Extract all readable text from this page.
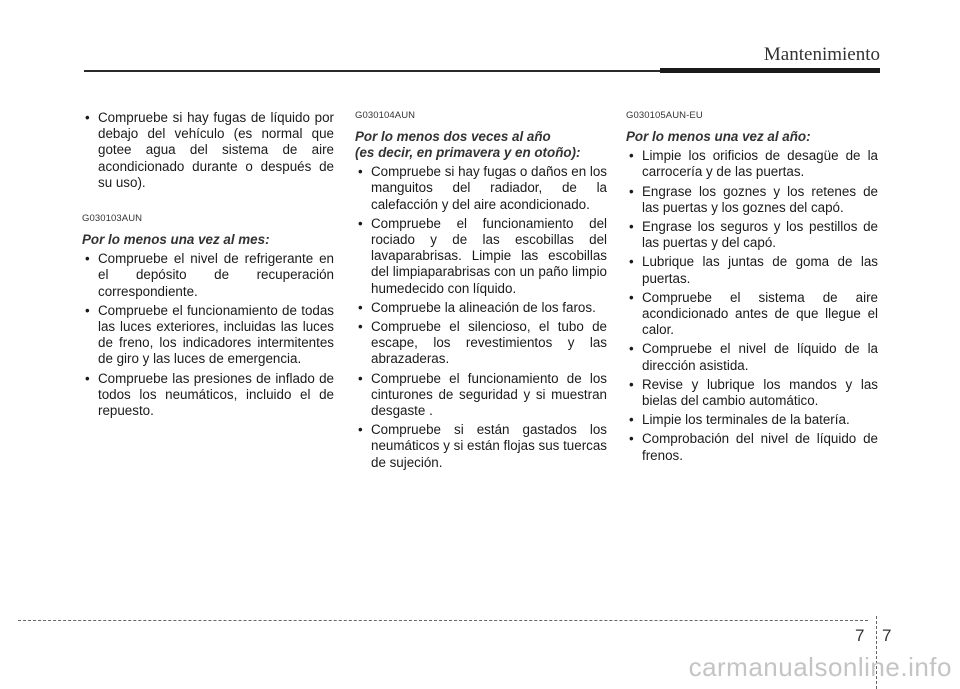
Mantenimiento
• Compruebe si hay fugas de líquido por debajo del vehículo (es normal que gotee agua del sistema de aire acondicionado durante o después de su uso).
G030103AUN
Por lo menos una vez al mes:
• Compruebe el nivel de refrigerante en el depósito de recuperación correspondiente.
• Compruebe el funcionamiento de todas las luces exteriores, incluidas las luces de freno, los indicadores intermitentes de giro y las luces de emergencia.
• Compruebe las presiones de inflado de todos los neumáticos, incluido el de repuesto.
G030104AUN
Por lo menos dos veces al año
(es decir, en primavera y en otoño):
• Compruebe si hay fugas o daños en los manguitos del radiador, de la calefacción y del aire acondicionado.
• Compruebe el funcionamiento del rociado y de las escobillas del lavaparabrisas. Limpie las escobillas del limpiaparabrisas con un paño limpio humedecido con líquido.
• Compruebe la alineación de los faros.
• Compruebe el silencioso, el tubo de escape, los revestimientos y las abrazaderas.
• Compruebe el funcionamiento de los cinturones de seguridad y si muestran desgaste .
• Compruebe si están gastados los neumáticos y si están flojas sus tuercas de sujeción.
G030105AUN-EU
Por lo menos una vez al año:
• Limpie los orificios de desagüe de la carrocería y de las puertas.
• Engrase los goznes y los retenes de las puertas y los goznes del capó.
• Engrase los seguros y los pestillos de las puertas y del capó.
• Lubrique las juntas de goma de las puertas.
• Compruebe el sistema de aire acondicionado antes de que llegue el calor.
• Compruebe el nivel de líquido de la dirección asistida.
• Revise y lubrique los mandos y las bielas del cambio automático.
• Limpie los terminales de la batería.
• Comprobación del nivel de líquido de frenos.
7 7
carmanualsonline.info
